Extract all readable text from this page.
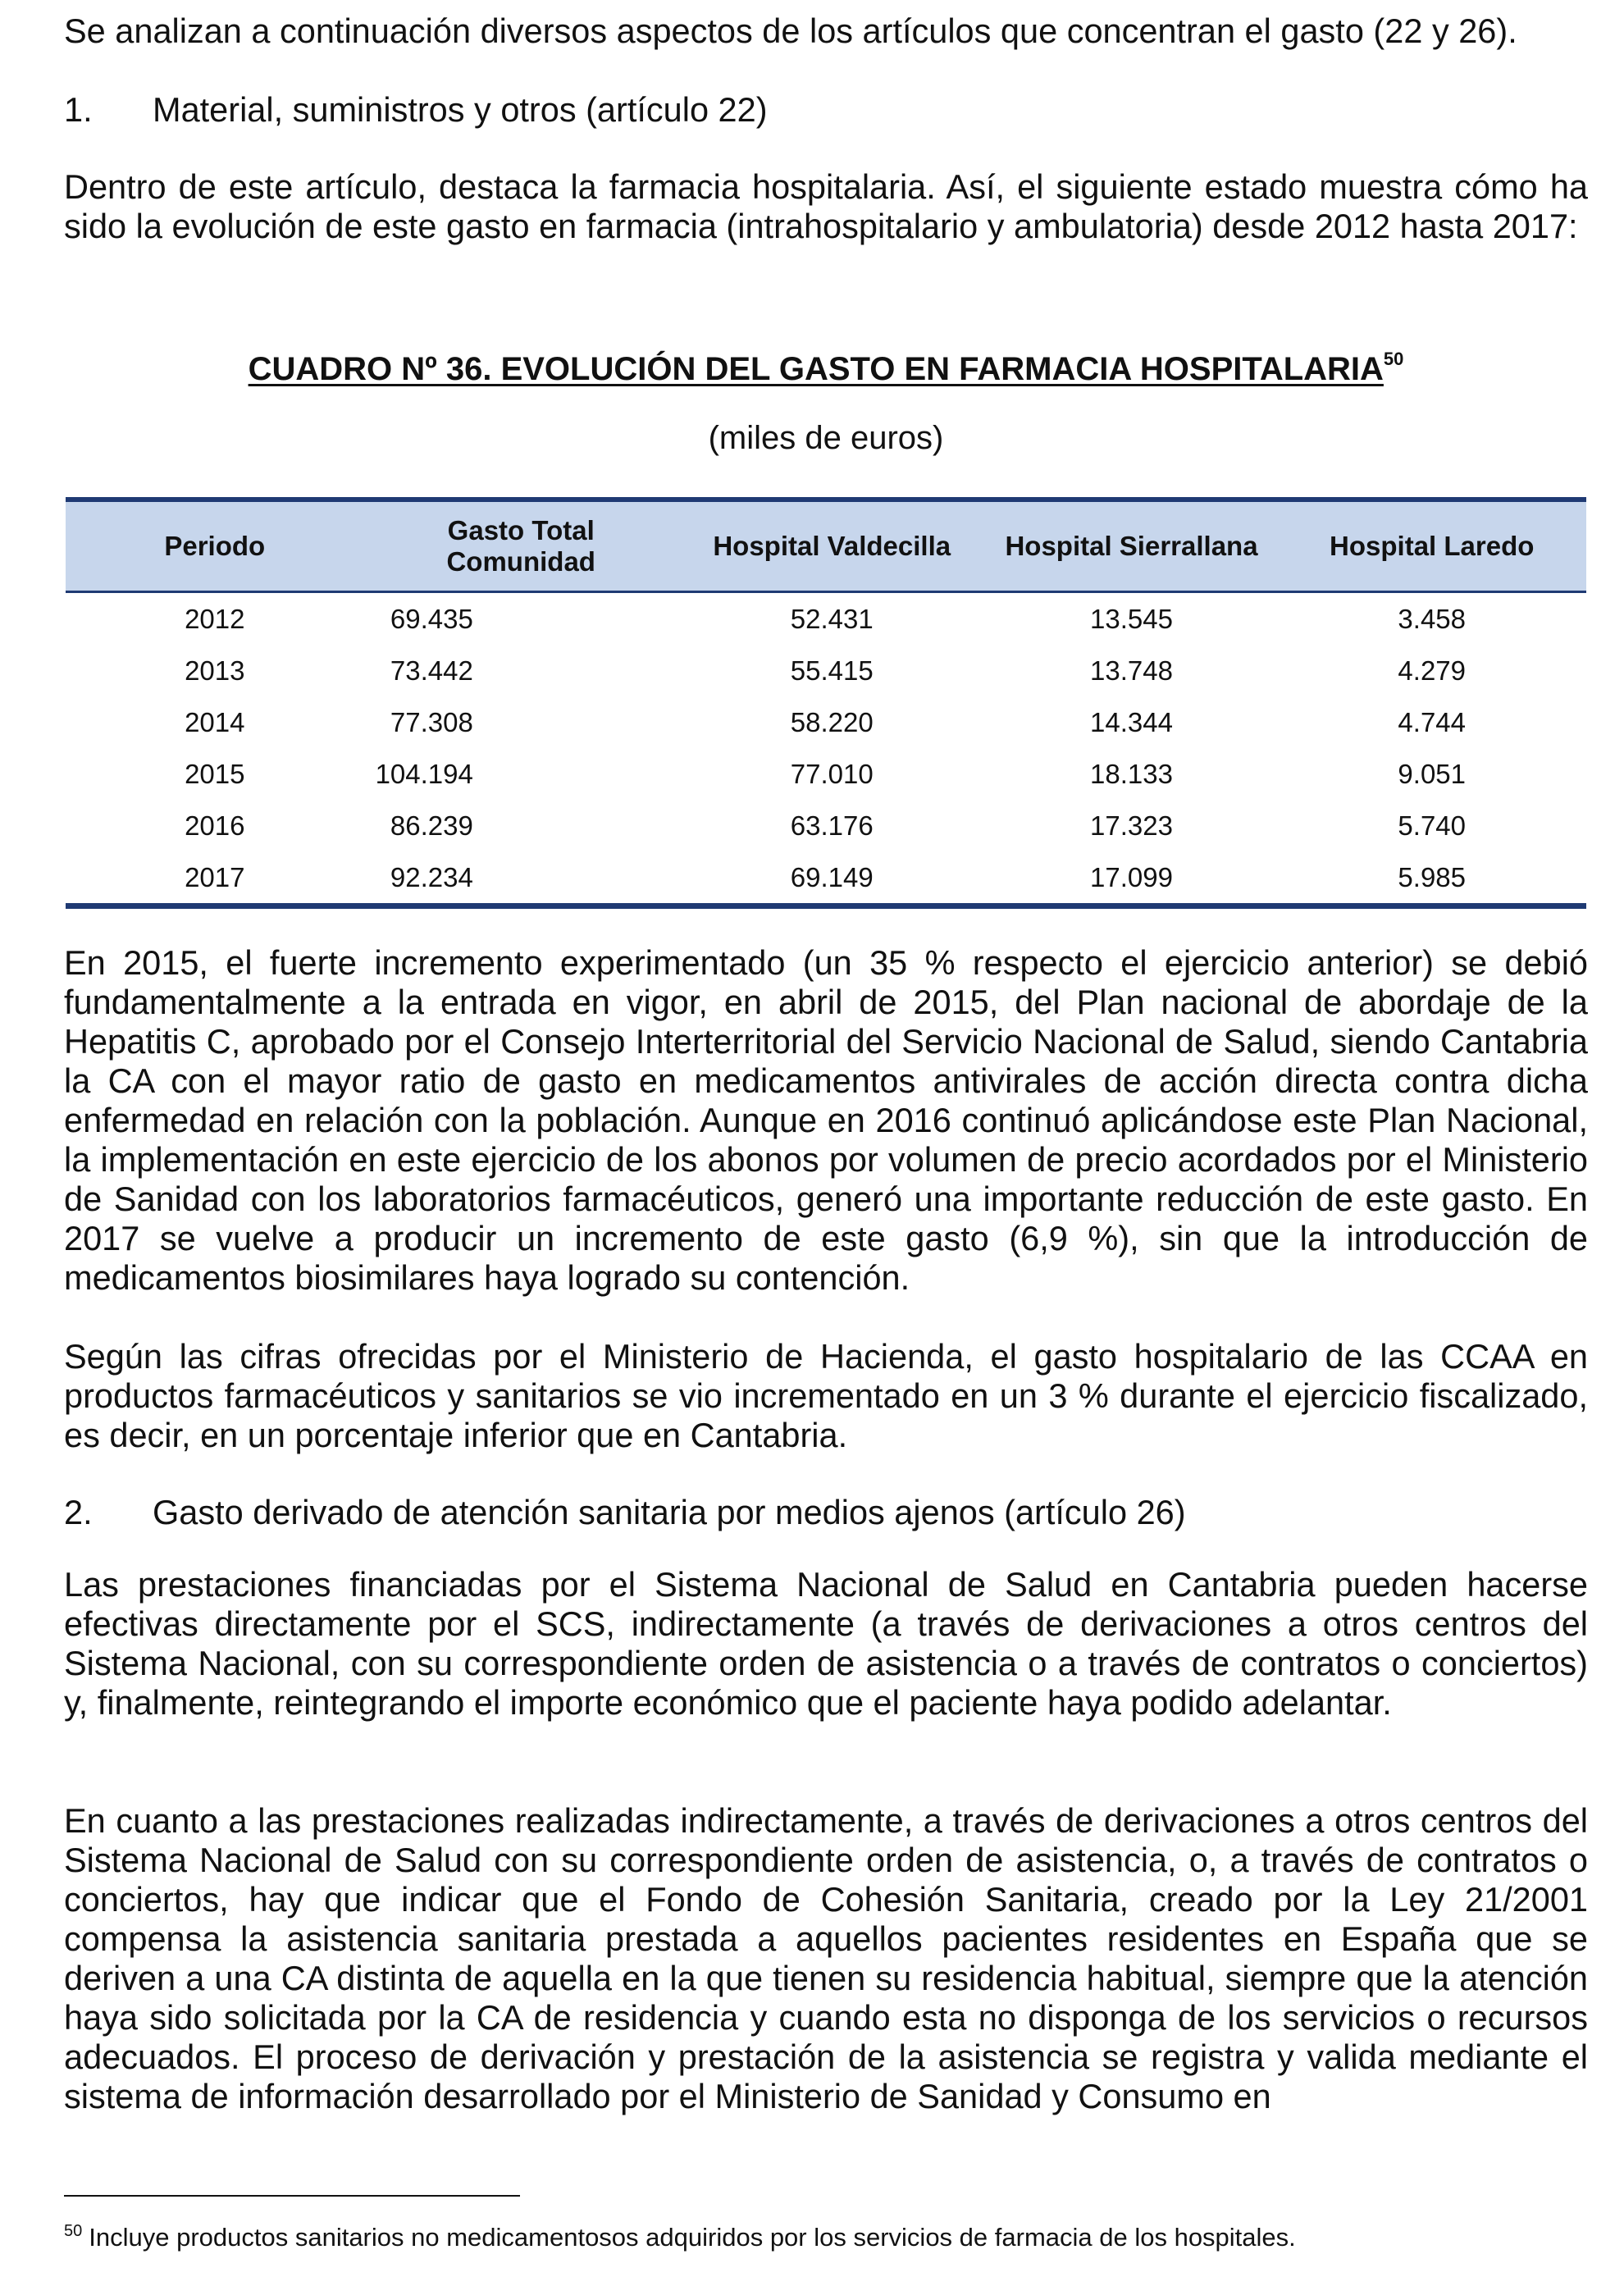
Se analizan a continuación diversos aspectos de los artículos que concentran el gasto (22 y 26).

1. Material, suministros y otros (artículo 22)

Dentro de este artículo, destaca la farmacia hospitalaria. Así, el siguiente estado muestra cómo ha sido la evolución de este gasto en farmacia (intrahospitalario y ambulatoria) desde 2012 hasta 2017:

CUADRO Nº 36. EVOLUCIÓN DEL GASTO EN FARMACIA HOSPITALARIA$^{50}$
(miles de euros)
Periodo	Gasto Total Comunidad	Hospital Valdecilla	Hospital Sierrallana	Hospital Laredo
2012	69.435	52.431	13.545	3.458
2013	73.442	55.415	13.748	4.279
2014	77.308	58.220	14.344	4.744
2015	104.194	77.010	18.133	9.051
2016	86.239	63.176	17.323	5.740
2017	92.234	69.149	17.099	5.985

En 2015, el fuerte incremento experimentado (un 35 % respecto el ejercicio anterior) se debió fundamentalmente a la entrada en vigor, en abril de 2015, del Plan nacional de abordaje de la Hepatitis C, aprobado por el Consejo Interterritorial del Servicio Nacional de Salud, siendo Cantabria la CA con el mayor ratio de gasto en medicamentos antivirales de acción directa contra dicha enfermedad en relación con la población. Aunque en 2016 continuó aplicándose este Plan Nacional, la implementación en este ejercicio de los abonos por volumen de precio acordados por el Ministerio de Sanidad con los laboratorios farmacéuticos, generó una importante reducción de este gasto. En 2017 se vuelve a producir un incremento de este gasto (6,9 %), sin que la introducción de medicamentos biosimilares haya logrado su contención.

Según las cifras ofrecidas por el Ministerio de Hacienda, el gasto hospitalario de las CCAA en productos farmacéuticos y sanitarios se vio incrementado en un 3 % durante el ejercicio fiscalizado, es decir, en un porcentaje inferior que en Cantabria.

2. Gasto derivado de atención sanitaria por medios ajenos (artículo 26)

Las prestaciones financiadas por el Sistema Nacional de Salud en Cantabria pueden hacerse efectivas directamente por el SCS, indirectamente (a través de derivaciones a otros centros del Sistema Nacional, con su correspondiente orden de asistencia o a través de contratos o conciertos) y, finalmente, reintegrando el importe económico que el paciente haya podido adelantar.

En cuanto a las prestaciones realizadas indirectamente, a través de derivaciones a otros centros del Sistema Nacional de Salud con su correspondiente orden de asistencia, o, a través de contratos o conciertos, hay que indicar que el Fondo de Cohesión Sanitaria, creado por la Ley 21/2001 compensa la asistencia sanitaria prestada a aquellos pacientes residentes en España que se deriven a una CA distinta de aquella en la que tienen su residencia habitual, siempre que la atención haya sido solicitada por la CA de residencia y cuando esta no disponga de los servicios o recursos adecuados. El proceso de derivación y prestación de la asistencia se registra y valida mediante el sistema de información desarrollado por el Ministerio de Sanidad y Consumo en

$^{50}$ Incluye productos sanitarios no medicamentosos adquiridos por los servicios de farmacia de los hospitales.
